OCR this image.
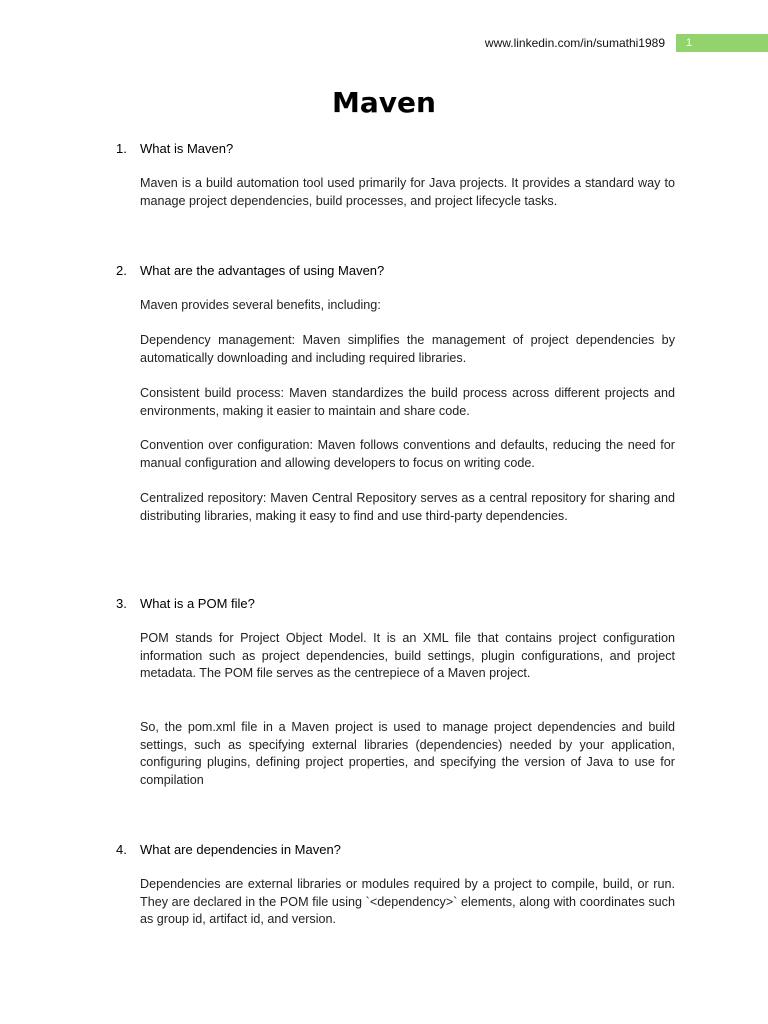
www.linkedin.com/in/sumathi1989	1
Maven
1. What is Maven?

Maven is a build automation tool used primarily for Java projects. It provides a standard way to manage project dependencies, build processes, and project lifecycle tasks.

2. What are the advantages of using Maven?

Maven provides several benefits, including:

Dependency management: Maven simplifies the management of project dependencies by automatically downloading and including required libraries.

Consistent build process: Maven standardizes the build process across different projects and environments, making it easier to maintain and share code.

Convention over configuration: Maven follows conventions and defaults, reducing the need for manual configuration and allowing developers to focus on writing code.

Centralized repository: Maven Central Repository serves as a central repository for sharing and distributing libraries, making it easy to find and use third-party dependencies.

3. What is a POM file?

POM stands for Project Object Model. It is an XML file that contains project configuration information such as project dependencies, build settings, plugin configurations, and project metadata. The POM file serves as the centrepiece of a Maven project.

So, the pom.xml file in a Maven project is used to manage project dependencies and build settings, such as specifying external libraries (dependencies) needed by your application, configuring plugins, defining project properties, and specifying the version of Java to use for compilation

4. What are dependencies in Maven?

Dependencies are external libraries or modules required by a project to compile, build, or run. They are declared in the POM file using `<dependency>` elements, along with coordinates such as group id, artifact id, and version.
